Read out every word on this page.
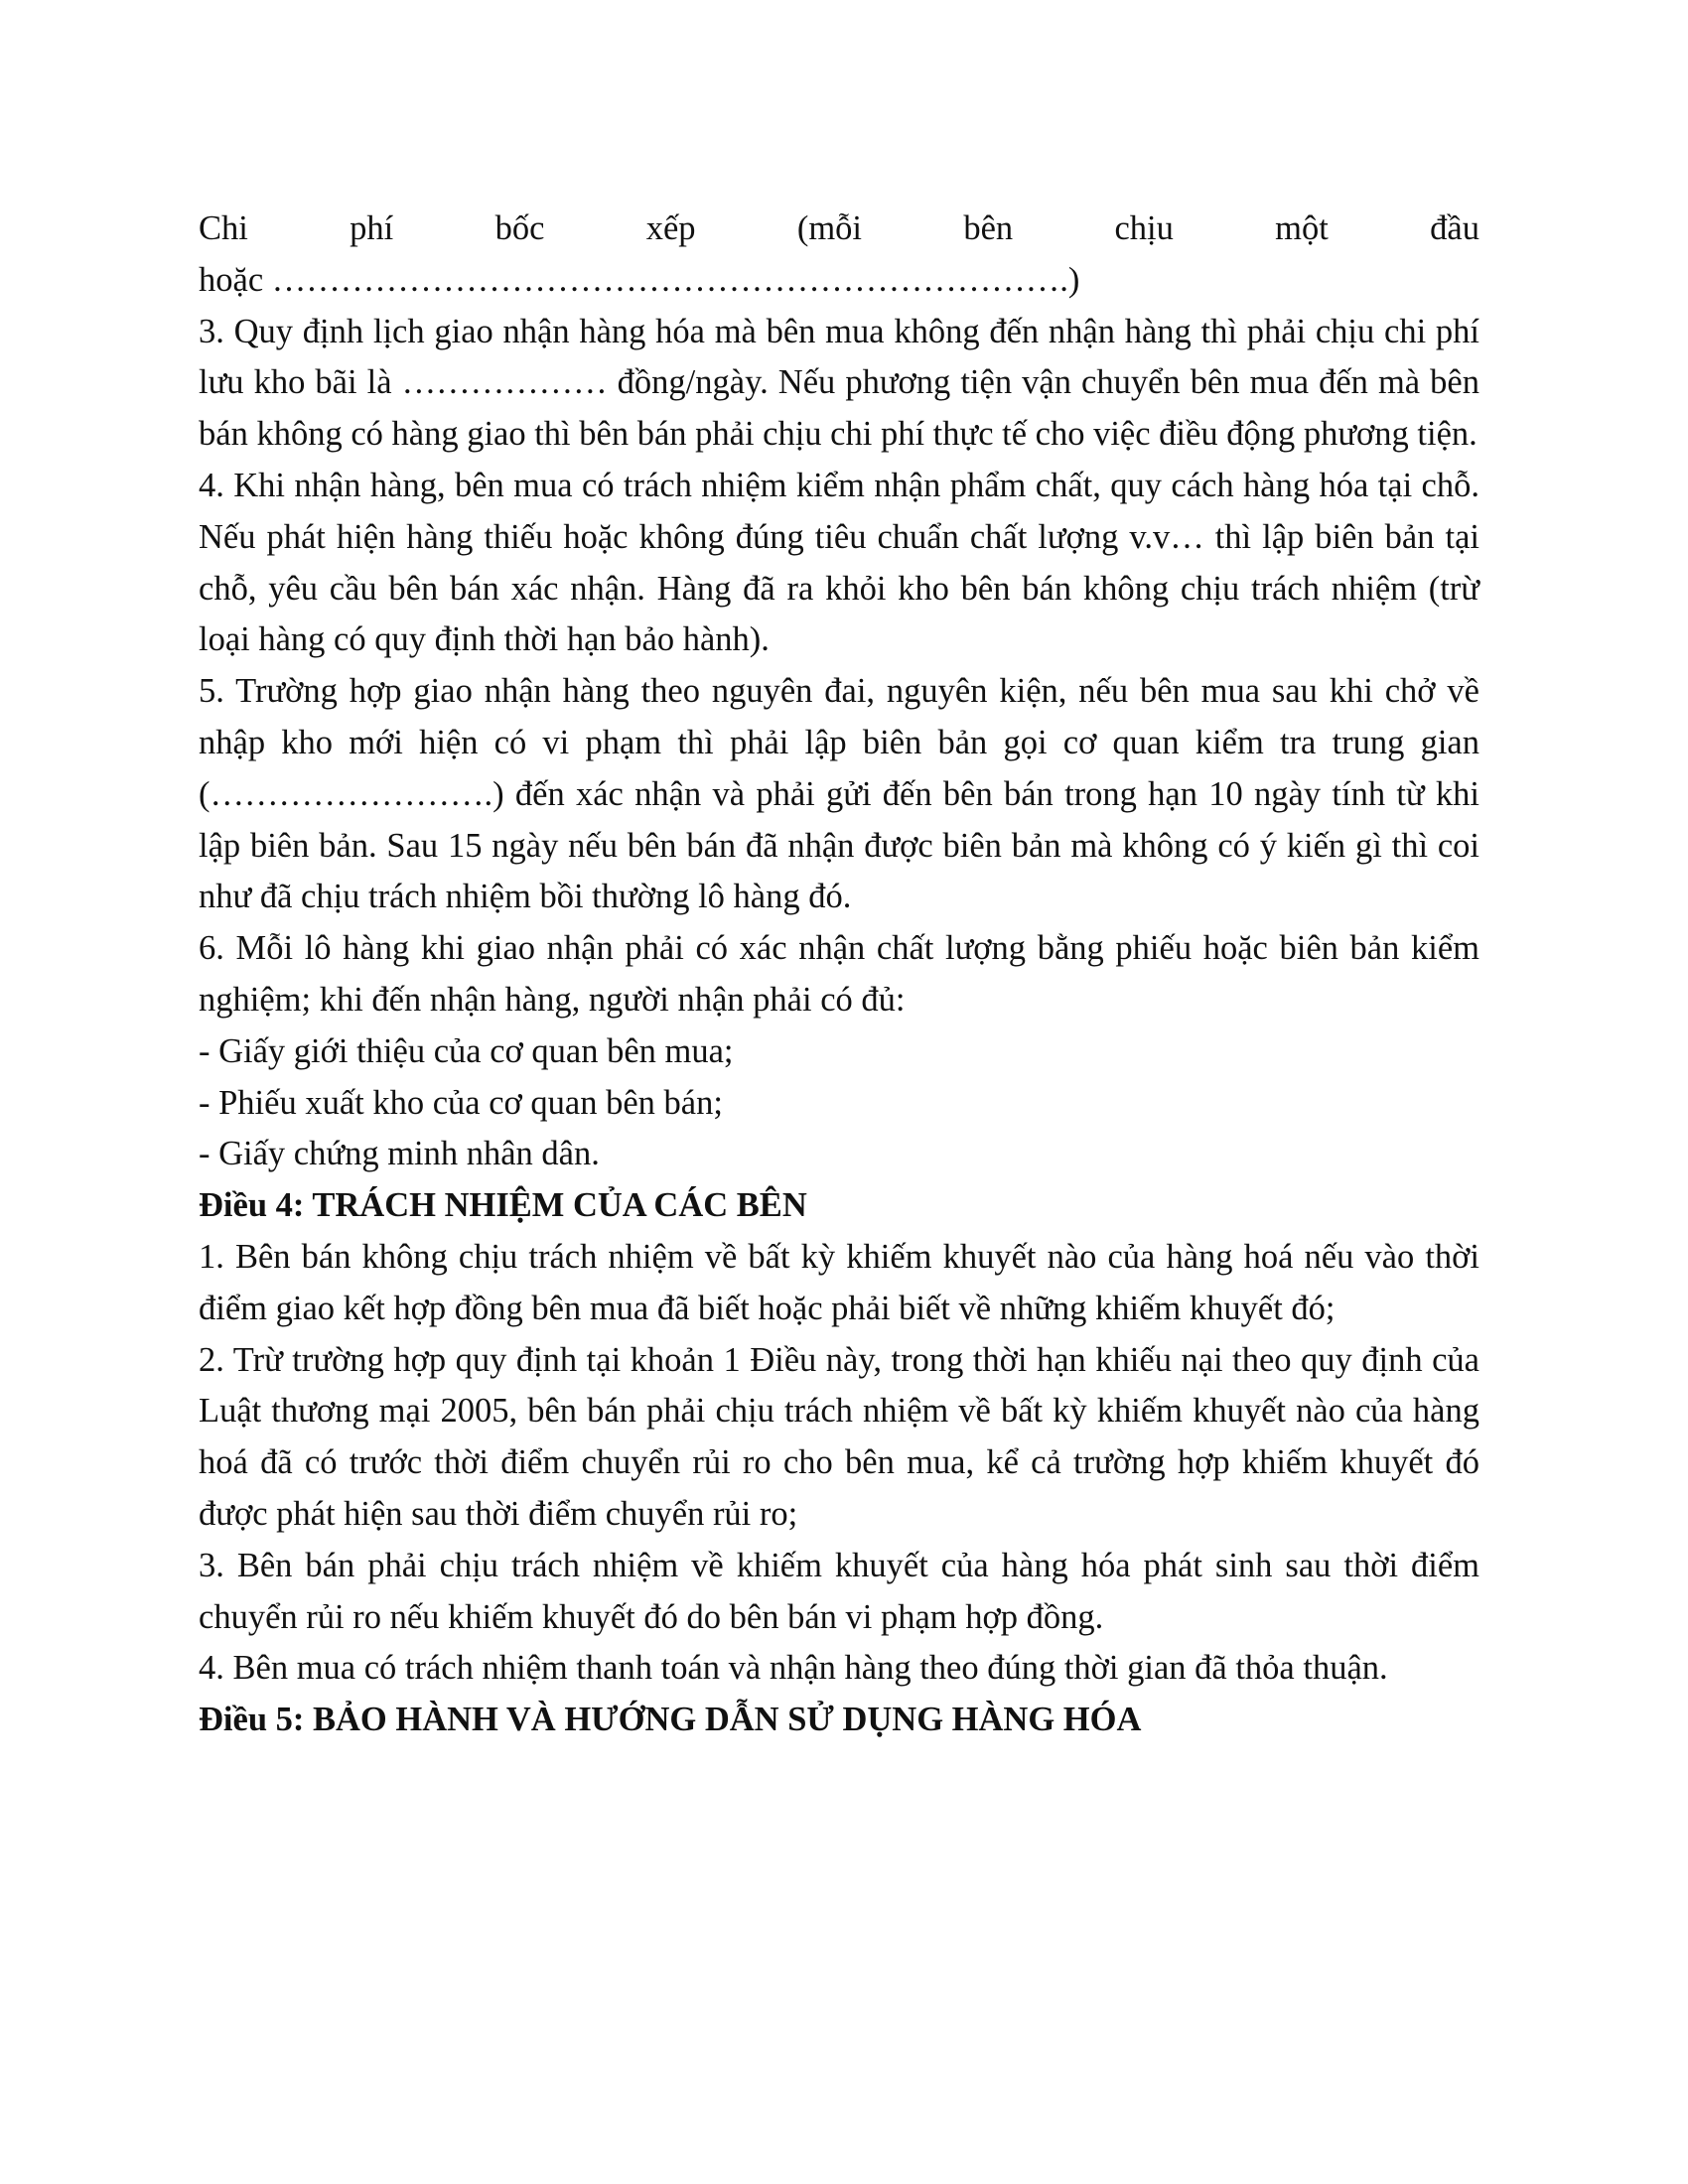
Chi phí bốc xếp (mỗi bên chịu một đầu

hoặc …………………………………………………………….)

3. Quy định lịch giao nhận hàng hóa mà bên mua không đến nhận hàng thì phải chịu chi phí lưu kho bãi là ……………… đồng/ngày. Nếu phương tiện vận chuyển bên mua đến mà bên bán không có hàng giao thì bên bán phải chịu chi phí thực tế cho việc điều động phương tiện.

4. Khi nhận hàng, bên mua có trách nhiệm kiểm nhận phẩm chất, quy cách hàng hóa tại chỗ. Nếu phát hiện hàng thiếu hoặc không đúng tiêu chuẩn chất lượng v.v… thì lập biên bản tại chỗ, yêu cầu bên bán xác nhận. Hàng đã ra khỏi kho bên bán không chịu trách nhiệm (trừ loại hàng có quy định thời hạn bảo hành).

5. Trường hợp giao nhận hàng theo nguyên đai, nguyên kiện, nếu bên mua sau khi chở về nhập kho mới hiện có vi phạm thì phải lập biên bản gọi cơ quan kiểm tra trung gian (…………………….) đến xác nhận và phải gửi đến bên bán trong hạn 10 ngày tính từ khi lập biên bản. Sau 15 ngày nếu bên bán đã nhận được biên bản mà không có ý kiến gì thì coi như đã chịu trách nhiệm bồi thường lô hàng đó.

6. Mỗi lô hàng khi giao nhận phải có xác nhận chất lượng bằng phiếu hoặc biên bản kiểm nghiệm; khi đến nhận hàng, người nhận phải có đủ:

- Giấy giới thiệu của cơ quan bên mua;

- Phiếu xuất kho của cơ quan bên bán;

- Giấy chứng minh nhân dân.

Điều 4: TRÁCH NHIỆM CỦA CÁC BÊN

1. Bên bán không chịu trách nhiệm về bất kỳ khiếm khuyết nào của hàng hoá nếu vào thời điểm giao kết hợp đồng bên mua đã biết hoặc phải biết về những khiếm khuyết đó;

2. Trừ trường hợp quy định tại khoản 1 Điều này, trong thời hạn khiếu nại theo quy định của Luật thương mại 2005, bên bán phải chịu trách nhiệm về bất kỳ khiếm khuyết nào của hàng hoá đã có trước thời điểm chuyển rủi ro cho bên mua, kể cả trường hợp khiếm khuyết đó được phát hiện sau thời điểm chuyển rủi ro;

3. Bên bán phải chịu trách nhiệm về khiếm khuyết của hàng hóa phát sinh sau thời điểm chuyển rủi ro nếu khiếm khuyết đó do bên bán vi phạm hợp đồng.

4. Bên mua có trách nhiệm thanh toán và nhận hàng theo đúng thời gian đã thỏa thuận.

Điều 5: BẢO HÀNH VÀ HƯỚNG DẪN SỬ DỤNG HÀNG HÓA
